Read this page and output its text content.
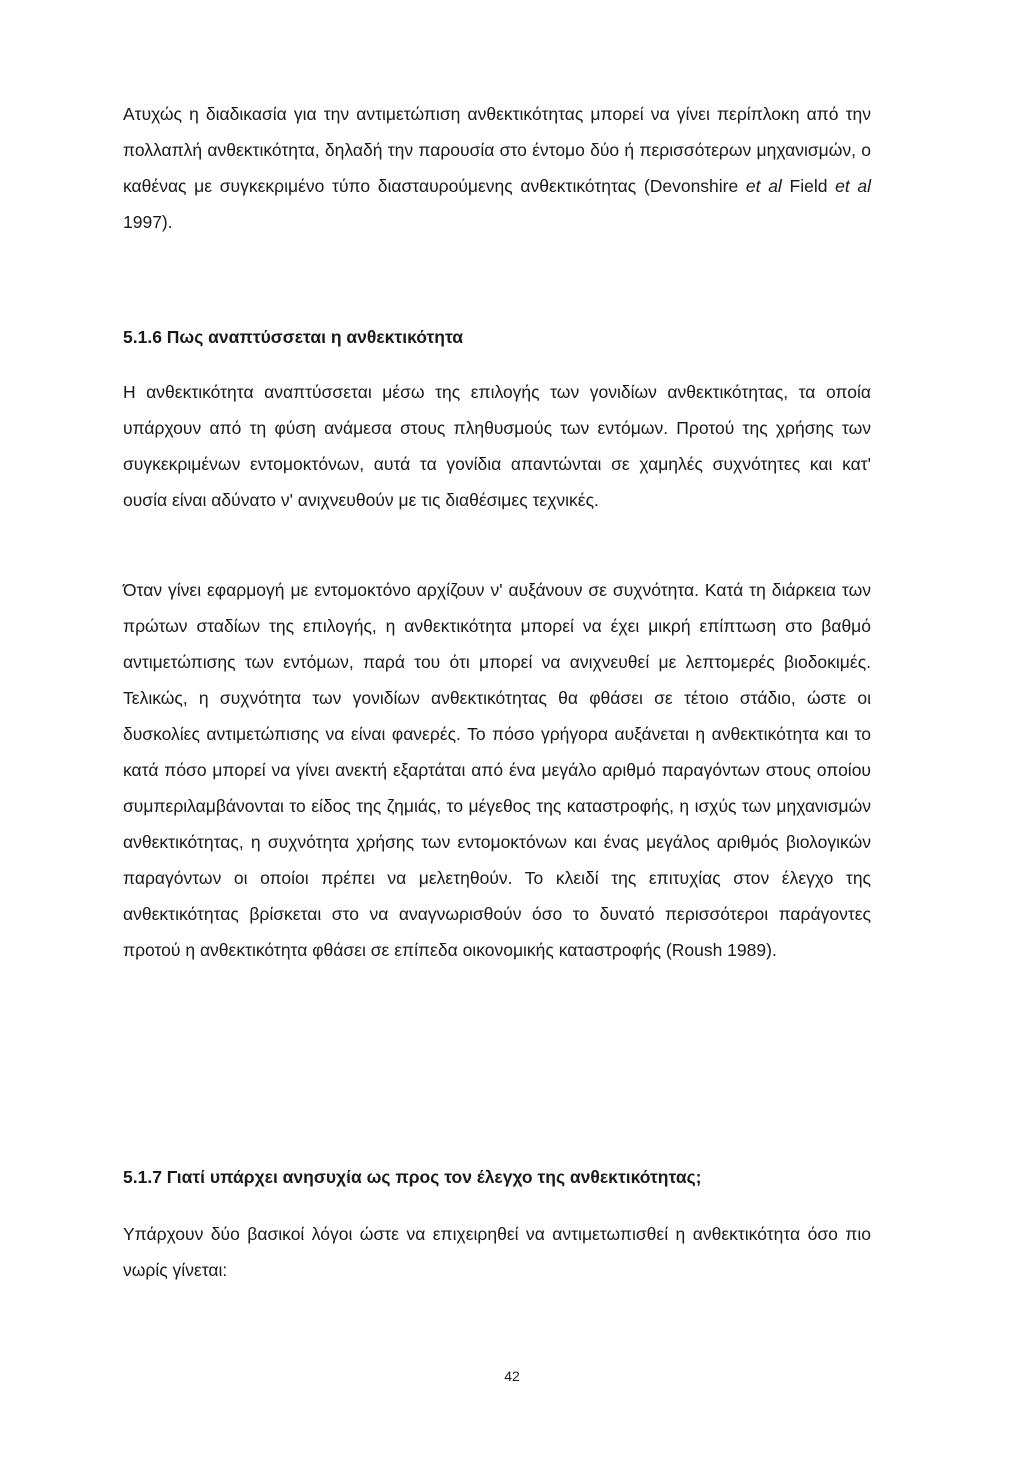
Ατυχώς η διαδικασία για την αντιμετώπιση ανθεκτικότητας μπορεί να γίνει περίπλοκη από την πολλαπλή ανθεκτικότητα, δηλαδή την παρουσία στο έντομο δύο ή περισσότερων μηχανισμών, ο καθένας με συγκεκριμένο τύπο διασταυρούμενης ανθεκτικότητας (Devonshire et al Field et al 1997).

5.1.6 Πως αναπτύσσεται η ανθεκτικότητα

Η ανθεκτικότητα αναπτύσσεται μέσω της επιλογής των γονιδίων ανθεκτικότητας, τα οποία υπάρχουν από τη φύση ανάμεσα στους πληθυσμούς των εντόμων. Προτού της χρήσης των συγκεκριμένων εντομοκτόνων, αυτά τα γονίδια απαντώνται σε χαμηλές συχνότητες και κατ' ουσία είναι αδύνατο ν' ανιχνευθούν με τις διαθέσιμες τεχνικές.

Όταν γίνει εφαρμογή με εντομοκτόνο αρχίζουν ν' αυξάνουν σε συχνότητα. Κατά τη διάρκεια των πρώτων σταδίων της επιλογής, η ανθεκτικότητα μπορεί να έχει μικρή επίπτωση στο βαθμό αντιμετώπισης των εντόμων, παρά του ότι μπορεί να ανιχνευθεί με λεπτομερές βιοδοκιμές. Τελικώς, η συχνότητα των γονιδίων ανθεκτικότητας θα φθάσει σε τέτοιο στάδιο, ώστε οι δυσκολίες αντιμετώπισης να είναι φανερές. Το πόσο γρήγορα αυξάνεται η ανθεκτικότητα και το κατά πόσο μπορεί να γίνει ανεκτή εξαρτάται από ένα μεγάλο αριθμό παραγόντων στους οποίου συμπεριλαμβάνονται το είδος της ζημιάς, το μέγεθος της καταστροφής, η ισχύς των μηχανισμών ανθεκτικότητας, η συχνότητα χρήσης των εντομοκτόνων και ένας μεγάλος αριθμός βιολογικών παραγόντων οι οποίοι πρέπει να μελετηθούν. Το κλειδί της επιτυχίας στον έλεγχο της ανθεκτικότητας βρίσκεται στο να αναγνωρισθούν όσο το δυνατό περισσότεροι παράγοντες προτού η ανθεκτικότητα φθάσει σε επίπεδα οικονομικής καταστροφής (Roush 1989).

5.1.7 Γιατί υπάρχει ανησυχία ως προς τον έλεγχο της ανθεκτικότητας;

Υπάρχουν δύο βασικοί λόγοι ώστε να επιχειρηθεί να αντιμετωπισθεί η ανθεκτικότητα όσο πιο νωρίς γίνεται:

42
